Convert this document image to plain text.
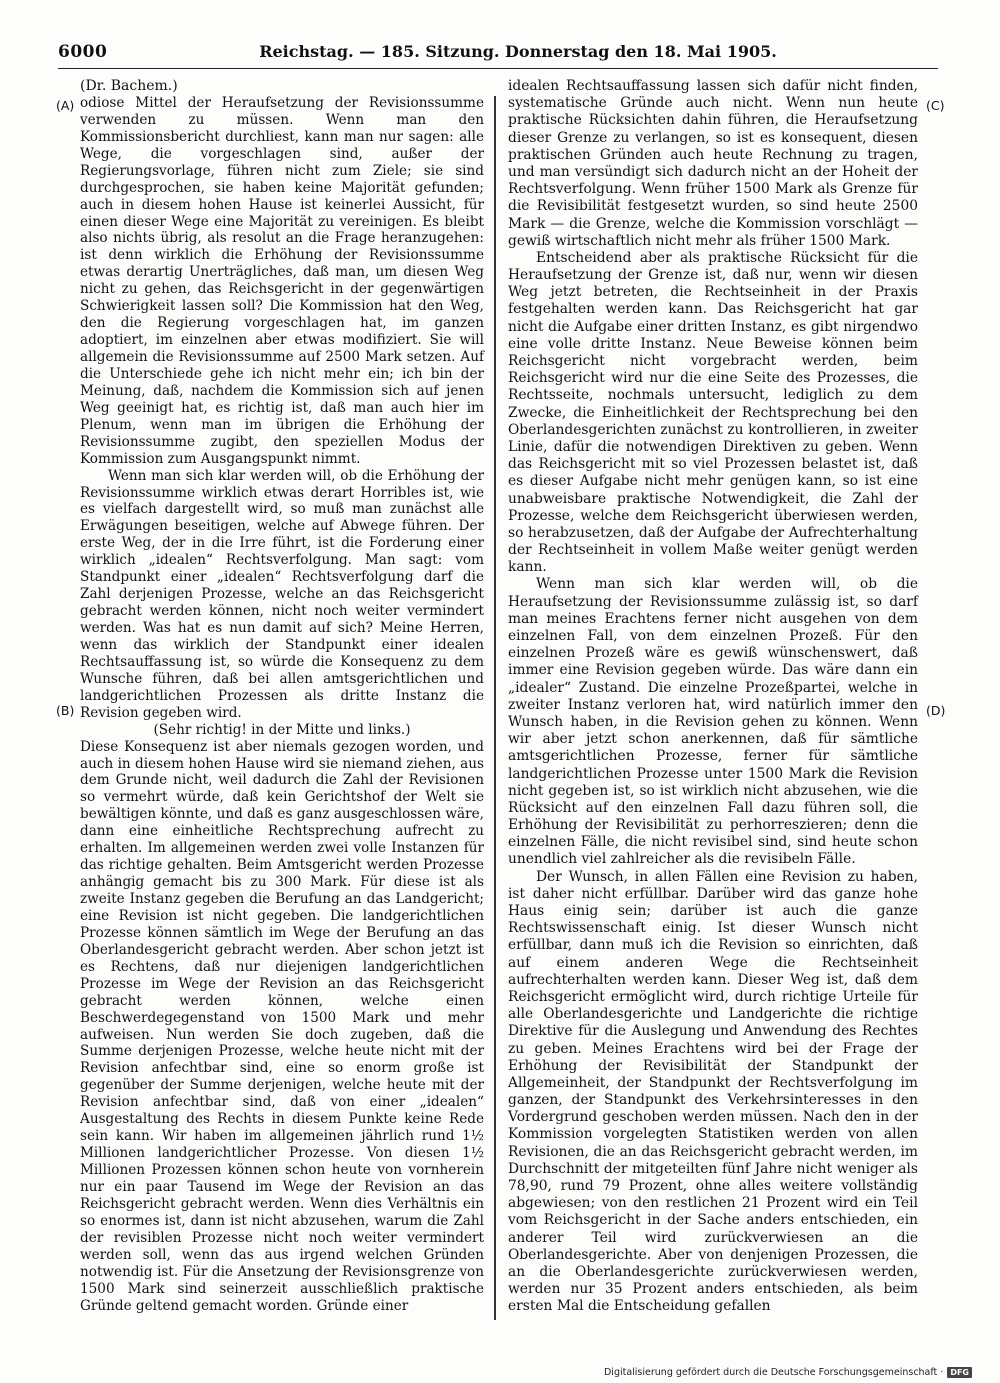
6000	Reichstag. — 185. Sitzung. Donnerstag den 18. Mai 1905.
(A)
(B)
(C)
(D)

(Dr. Bachem.)

odiose Mittel der Heraufsetzung der Revisionssumme verwenden zu müssen. Wenn man den Kommissionsbericht durchliest, kann man nur sagen: alle Wege, die vorgeschlagen sind, außer der Regierungsvorlage, führen nicht zum Ziele; sie sind durchgesprochen, sie haben keine Majorität gefunden; auch in diesem hohen Hause ist keinerlei Aussicht, für einen dieser Wege eine Majorität zu vereinigen. Es bleibt also nichts übrig, als resolut an die Frage heranzugehen: ist denn wirklich die Erhöhung der Revisionssumme etwas derartig Unerträgliches, daß man, um diesen Weg nicht zu gehen, das Reichsgericht in der gegenwärtigen Schwierigkeit lassen soll? Die Kommission hat den Weg, den die Regierung vorgeschlagen hat, im ganzen adoptiert, im einzelnen aber etwas modifiziert. Sie will allgemein die Revisionssumme auf 2500 Mark setzen. Auf die Unterschiede gehe ich nicht mehr ein; ich bin der Meinung, daß, nachdem die Kommission sich auf jenen Weg geeinigt hat, es richtig ist, daß man auch hier im Plenum, wenn man im übrigen die Erhöhung der Revisionssumme zugibt, den speziellen Modus der Kommission zum Ausgangspunkt nimmt.

Wenn man sich klar werden will, ob die Erhöhung der Revisionssumme wirklich etwas derart Horribles ist, wie es vielfach dargestellt wird, so muß man zunächst alle Erwägungen beseitigen, welche auf Abwege führen. Der erste Weg, der in die Irre führt, ist die Forderung einer wirklich „idealen“ Rechtsverfolgung. Man sagt: vom Standpunkt einer „idealen“ Rechtsverfolgung darf die Zahl derjenigen Prozesse, welche an das Reichsgericht gebracht werden können, nicht noch weiter vermindert werden. Was hat es nun damit auf sich? Meine Herren, wenn das wirklich der Standpunkt einer idealen Rechtsauffassung ist, so würde die Konsequenz zu dem Wunsche führen, daß bei allen amtsgerichtlichen und landgerichtlichen Prozessen als dritte Instanz die Revision gegeben wird.

(Sehr richtig! in der Mitte und links.)

Diese Konsequenz ist aber niemals gezogen worden, und auch in diesem hohen Hause wird sie niemand ziehen, aus dem Grunde nicht, weil dadurch die Zahl der Revisionen so vermehrt würde, daß kein Gerichtshof der Welt sie bewältigen könnte, und daß es ganz ausgeschlossen wäre, dann eine einheitliche Rechtsprechung aufrecht zu erhalten. Im allgemeinen werden zwei volle Instanzen für das richtige gehalten. Beim Amtsgericht werden Prozesse anhängig gemacht bis zu 300 Mark. Für diese ist als zweite Instanz gegeben die Berufung an das Landgericht; eine Revision ist nicht gegeben. Die landgerichtlichen Prozesse können sämtlich im Wege der Berufung an das Oberlandesgericht gebracht werden. Aber schon jetzt ist es Rechtens, daß nur diejenigen landgerichtlichen Prozesse im Wege der Revision an das Reichsgericht gebracht werden können, welche einen Beschwerdegegenstand von 1500 Mark und mehr aufweisen. Nun werden Sie doch zugeben, daß die Summe derjenigen Prozesse, welche heute nicht mit der Revision anfechtbar sind, eine so enorm große ist gegenüber der Summe derjenigen, welche heute mit der Revision anfechtbar sind, daß von einer „idealen“ Ausgestaltung des Rechts in diesem Punkte keine Rede sein kann. Wir haben im allgemeinen jährlich rund 1½ Millionen landgerichtlicher Prozesse. Von diesen 1½ Millionen Prozessen können schon heute von vornherein nur ein paar Tausend im Wege der Revision an das Reichsgericht gebracht werden. Wenn dies Verhältnis ein so enormes ist, dann ist nicht abzusehen, warum die Zahl der revisiblen Prozesse nicht noch weiter vermindert werden soll, wenn das aus irgend welchen Gründen notwendig ist. Für die Ansetzung der Revisionsgrenze von 1500 Mark sind seinerzeit ausschließlich praktische Gründe geltend gemacht worden. Gründe einer

idealen Rechtsauffassung lassen sich dafür nicht finden, systematische Gründe auch nicht. Wenn nun heute praktische Rücksichten dahin führen, die Heraufsetzung dieser Grenze zu verlangen, so ist es konsequent, diesen praktischen Gründen auch heute Rechnung zu tragen, und man versündigt sich dadurch nicht an der Hoheit der Rechtsverfolgung. Wenn früher 1500 Mark als Grenze für die Revisibilität festgesetzt wurden, so sind heute 2500 Mark — die Grenze, welche die Kommission vorschlägt — gewiß wirtschaftlich nicht mehr als früher 1500 Mark.

Entscheidend aber als praktische Rücksicht für die Heraufsetzung der Grenze ist, daß nur, wenn wir diesen Weg jetzt betreten, die Rechtseinheit in der Praxis festgehalten werden kann. Das Reichsgericht hat gar nicht die Aufgabe einer dritten Instanz, es gibt nirgendwo eine volle dritte Instanz. Neue Beweise können beim Reichsgericht nicht vorgebracht werden, beim Reichsgericht wird nur die eine Seite des Prozesses, die Rechtsseite, nochmals untersucht, lediglich zu dem Zwecke, die Einheitlichkeit der Rechtsprechung bei den Oberlandesgerichten zunächst zu kontrollieren, in zweiter Linie, dafür die notwendigen Direktiven zu geben. Wenn das Reichsgericht mit so viel Prozessen belastet ist, daß es dieser Aufgabe nicht mehr genügen kann, so ist eine unabweisbare praktische Notwendigkeit, die Zahl der Prozesse, welche dem Reichsgericht überwiesen werden, so herabzusetzen, daß der Aufgabe der Aufrechterhaltung der Rechtseinheit in vollem Maße weiter genügt werden kann.

Wenn man sich klar werden will, ob die Heraufsetzung der Revisionssumme zulässig ist, so darf man meines Erachtens ferner nicht ausgehen von dem einzelnen Fall, von dem einzelnen Prozeß. Für den einzelnen Prozeß wäre es gewiß wünschenswert, daß immer eine Revision gegeben würde. Das wäre dann ein „idealer“ Zustand. Die einzelne Prozeßpartei, welche in zweiter Instanz verloren hat, wird natürlich immer den Wunsch haben, in die Revision gehen zu können. Wenn wir aber jetzt schon anerkennen, daß für sämtliche amtsgerichtlichen Prozesse, ferner für sämtliche landgerichtlichen Prozesse unter 1500 Mark die Revision nicht gegeben ist, so ist wirklich nicht abzusehen, wie die Rücksicht auf den einzelnen Fall dazu führen soll, die Erhöhung der Revisibilität zu perhorreszieren; denn die einzelnen Fälle, die nicht revisibel sind, sind heute schon unendlich viel zahlreicher als die revisibeln Fälle.

Der Wunsch, in allen Fällen eine Revision zu haben, ist daher nicht erfüllbar. Darüber wird das ganze hohe Haus einig sein; darüber ist auch die ganze Rechtswissenschaft einig. Ist dieser Wunsch nicht erfüllbar, dann muß ich die Revision so einrichten, daß auf einem anderen Wege die Rechtseinheit aufrechterhalten werden kann. Dieser Weg ist, daß dem Reichsgericht ermöglicht wird, durch richtige Urteile für alle Oberlandesgerichte und Landgerichte die richtige Direktive für die Auslegung und Anwendung des Rechtes zu geben. Meines Erachtens wird bei der Frage der Erhöhung der Revisibilität der Standpunkt der Allgemeinheit, der Standpunkt der Rechtsverfolgung im ganzen, der Standpunkt des Verkehrsinteresses in den Vordergrund geschoben werden müssen. Nach den in der Kommission vorgelegten Statistiken werden von allen Revisionen, die an das Reichsgericht gebracht werden, im Durchschnitt der mitgeteilten fünf Jahre nicht weniger als 78,90, rund 79 Prozent, ohne alles weitere vollständig abgewiesen; von den restlichen 21 Prozent wird ein Teil vom Reichsgericht in der Sache anders entschieden, ein anderer Teil wird zurückverwiesen an die Oberlandesgerichte. Aber von denjenigen Prozessen, die an die Oberlandesgerichte zurückverwiesen werden, werden nur 35 Prozent anders entschieden, als beim ersten Mal die Entscheidung gefallen

Digitalisierung gefördert durch die Deutsche Forschungsgemeinschaft · DFG
